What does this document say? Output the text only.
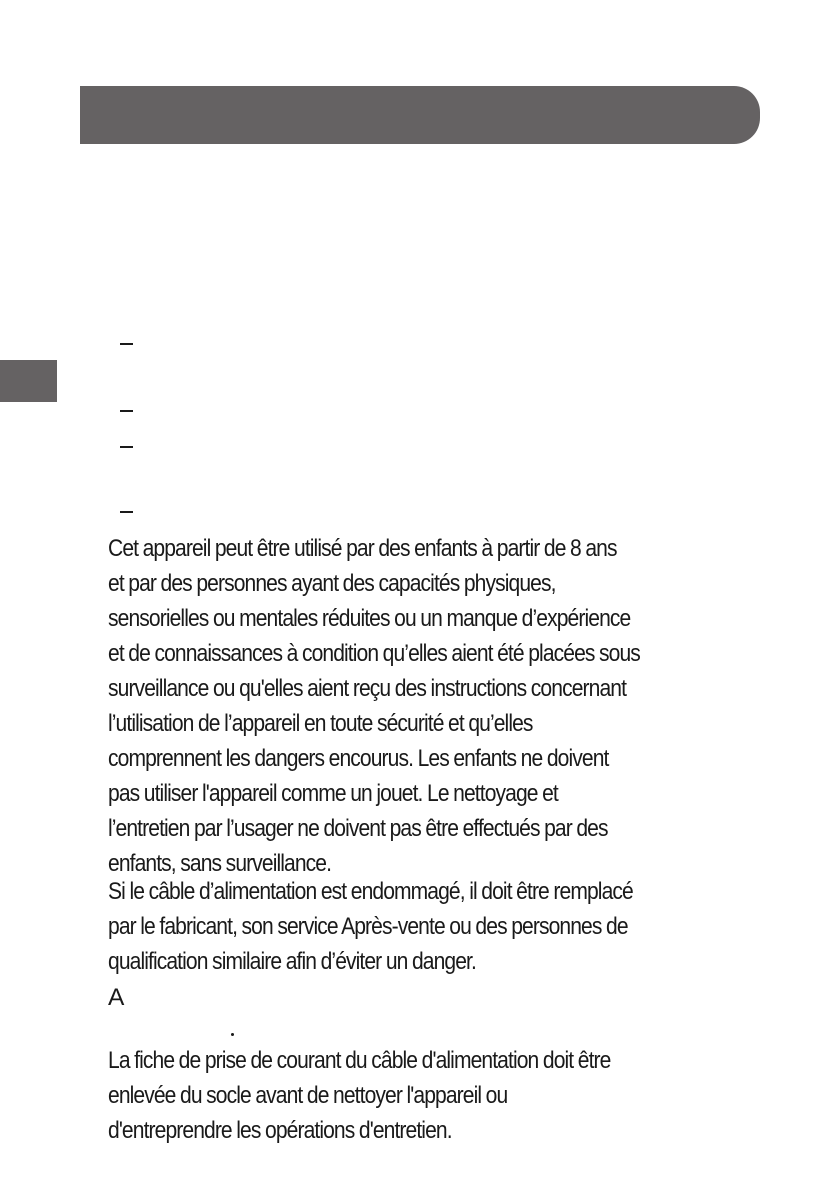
Cet appareil peut être utilisé par des enfants à partir de 8 ans
et par des personnes ayant des capacités physiques,
sensorielles ou mentales réduites ou un manque d’expérience
et de connaissances à condition qu’elles aient été placées sous
surveillance ou qu'elles aient reçu des instructions concernant
l’utilisation de l’appareil en toute sécurité et qu’elles
comprennent les dangers encourus. Les enfants ne doivent
pas utiliser l'appareil comme un jouet. Le nettoyage et
l’entretien par l’usager ne doivent pas être effectués par des
enfants, sans surveillance.

Si le câble d’alimentation est endommagé, il doit être remplacé
par le fabricant, son service Après-vente ou des personnes de
qualification similaire afin d’éviter un danger.

A

La fiche de prise de courant du câble d'alimentation doit être
enlevée du socle avant de nettoyer l'appareil ou
d'entreprendre les opérations d'entretien.
